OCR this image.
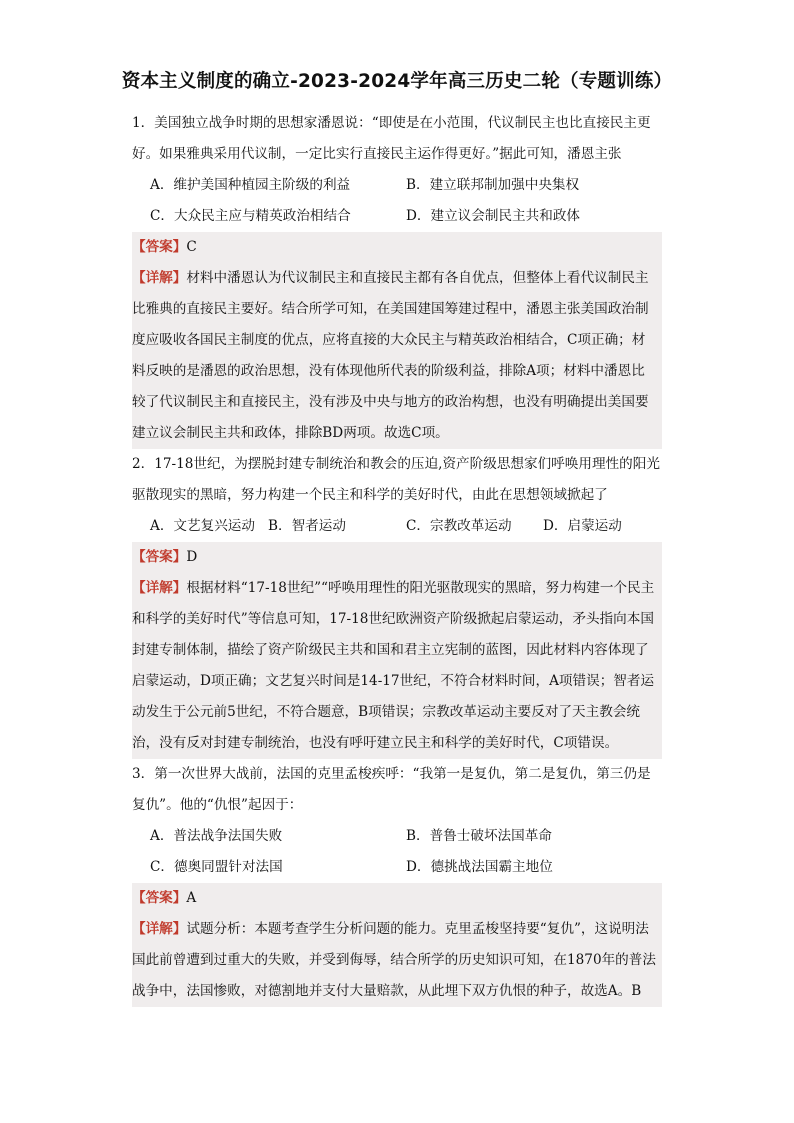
资本主义制度的确立-2023-2024学年高三历史二轮（专题训练）

1．美国独立战争时期的思想家潘恩说：“即使是在小范围，代议制民主也比直接民主更好。如果雅典采用代议制，一定比实行直接民主运作得更好。”据此可知，潘恩主张

A．维护美国种植园主阶级的利益	B．建立联邦制加强中央集权
C．大众民主应与精英政治相结合	D．建立议会制民主共和政体

【答案】C

【详解】材料中潘恩认为代议制民主和直接民主都有各自优点，但整体上看代议制民主比雅典的直接民主要好。结合所学可知，在美国建国筹建过程中，潘恩主张美国政治制度应吸收各国民主制度的优点，应将直接的大众民主与精英政治相结合，C项正确；材料反映的是潘恩的政治思想，没有体现他所代表的阶级利益，排除A项；材料中潘恩比较了代议制民主和直接民主，没有涉及中央与地方的政治构想，也没有明确提出美国要建立议会制民主共和政体，排除BD两项。故选C项。

2．17-18世纪，为摆脱封建专制统治和教会的压迫,资产阶级思想家们呼唤用理性的阳光驱散现实的黑暗，努力构建一个民主和科学的美好时代，由此在思想领域掀起了

A．文艺复兴运动 B．智者运动	C．宗教改革运动	D．启蒙运动

【答案】D

【详解】根据材料“17-18世纪”“呼唤用理性的阳光驱散现实的黑暗，努力构建一个民主和科学的美好时代”等信息可知，17-18世纪欧洲资产阶级掀起启蒙运动，矛头指向本国封建专制体制，描绘了资产阶级民主共和国和君主立宪制的蓝图，因此材料内容体现了启蒙运动，D项正确；文艺复兴时间是14-17世纪，不符合材料时间，A项错误；智者运动发生于公元前5世纪，不符合题意，B项错误；宗教改革运动主要反对了天主教会统治，没有反对封建专制统治，也没有呼吁建立民主和科学的美好时代，C项错误。

3．第一次世界大战前，法国的克里孟梭疾呼：“我第一是复仇，第二是复仇，第三仍是复仇”。他的“仇恨”起因于：

A．普法战争法国失败	B．普鲁士破坏法国革命
C．德奥同盟针对法国	D．德挑战法国霸主地位

【答案】A

【详解】试题分析：本题考查学生分析问题的能力。克里孟梭坚持要“复仇”，这说明法国此前曾遭到过重大的失败，并受到侮辱，结合所学的历史知识可知，在1870年的普法战争中，法国惨败，对德割地并支付大量赔款，从此埋下双方仇恨的种子，故选A。B
